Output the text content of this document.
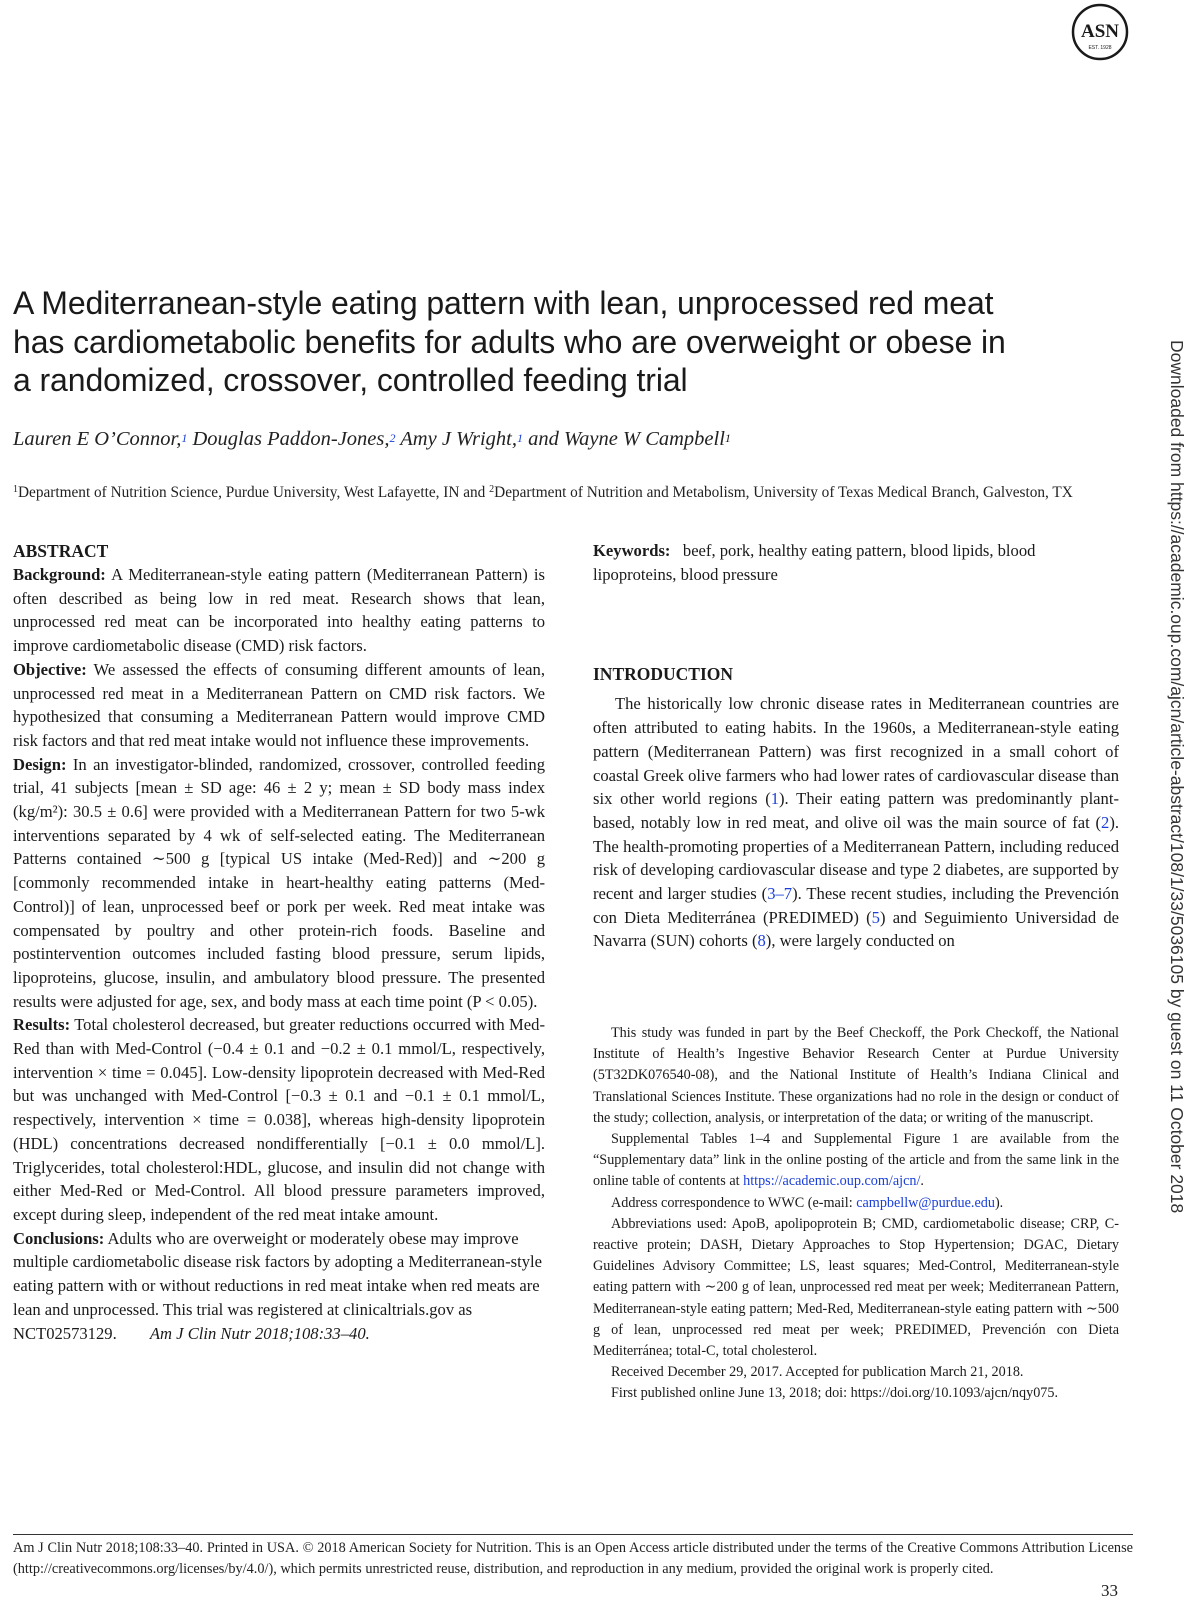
ASN
EST. 1928
A Mediterranean-style eating pattern with lean, unprocessed red meat
has cardiometabolic benefits for adults who are overweight or obese in
a randomized, crossover, controlled feeding trial
Lauren E O’Connor,$^1$ Douglas Paddon-Jones,$^2$ Amy J Wright,$^1$ and Wayne W Campbell$^1$
$^1$Department of Nutrition Science, Purdue University, West Lafayette, IN and $^2$Department of Nutrition and Metabolism, University of Texas Medical Branch, Galveston, TX
ABSTRACT

Background: A Mediterranean-style eating pattern (Mediterranean Pattern) is often described as being low in red meat. Research shows that lean, unprocessed red meat can be incorporated into healthy eating patterns to improve cardiometabolic disease (CMD) risk factors.

Objective: We assessed the effects of consuming different amounts of lean, unprocessed red meat in a Mediterranean Pattern on CMD risk factors. We hypothesized that consuming a Mediterranean Pattern would improve CMD risk factors and that red meat intake would not influence these improvements.

Design: In an investigator-blinded, randomized, crossover, controlled feeding trial, 41 subjects [mean ± SD age: 46 ± 2 y; mean ± SD body mass index (kg/m²): 30.5 ± 0.6] were provided with a Mediterranean Pattern for two 5-wk interventions separated by 4 wk of self-selected eating. The Mediterranean Patterns contained ∼500 g [typical US intake (Med-Red)] and ∼200 g [commonly recommended intake in heart-healthy eating patterns (Med-Control)] of lean, unprocessed beef or pork per week. Red meat intake was compensated by poultry and other protein-rich foods. Baseline and postintervention outcomes included fasting blood pressure, serum lipids, lipoproteins, glucose, insulin, and ambulatory blood pressure. The presented results were adjusted for age, sex, and body mass at each time point (P < 0.05).

Results: Total cholesterol decreased, but greater reductions occurred with Med-Red than with Med-Control (−0.4 ± 0.1 and −0.2 ± 0.1 mmol/L, respectively, intervention × time = 0.045]. Low-density lipoprotein decreased with Med-Red but was unchanged with Med-Control [−0.3 ± 0.1 and −0.1 ± 0.1 mmol/L, respectively, intervention × time = 0.038], whereas high-density lipoprotein (HDL) concentrations decreased nondifferentially [−0.1 ± 0.0 mmol/L]. Triglycerides, total cholesterol:HDL, glucose, and insulin did not change with either Med-Red or Med-Control. All blood pressure parameters improved, except during sleep, independent of the red meat intake amount.

Conclusions: Adults who are overweight or moderately obese may improve multiple cardiometabolic disease risk factors by adopting a Mediterranean-style eating pattern with or without reductions in red meat intake when red meats are lean and unprocessed. This trial was registered at clinicaltrials.gov as NCT02573129. Am J Clin Nutr 2018;108:33–40.

Keywords: beef, pork, healthy eating pattern, blood lipids, blood lipoproteins, blood pressure

INTRODUCTION

The historically low chronic disease rates in Mediterranean countries are often attributed to eating habits. In the 1960s, a Mediterranean-style eating pattern (Mediterranean Pattern) was first recognized in a small cohort of coastal Greek olive farmers who had lower rates of cardiovascular disease than six other world regions (1). Their eating pattern was predominantly plant-based, notably low in red meat, and olive oil was the main source of fat (2). The health-promoting properties of a Mediterranean Pattern, including reduced risk of developing cardiovascular disease and type 2 diabetes, are supported by recent and larger studies (3–7). These recent studies, including the Prevención con Dieta Mediterránea (PREDIMED) (5) and Seguimiento Universidad de Navarra (SUN) cohorts (8), were largely conducted on

This study was funded in part by the Beef Checkoff, the Pork Checkoff, the National Institute of Health’s Ingestive Behavior Research Center at Purdue University (5T32DK076540-08), and the National Institute of Health’s Indiana Clinical and Translational Sciences Institute. These organizations had no role in the design or conduct of the study; collection, analysis, or interpretation of the data; or writing of the manuscript.

Supplemental Tables 1–4 and Supplemental Figure 1 are available from the “Supplementary data” link in the online posting of the article and from the same link in the online table of contents at https://academic.oup.com/ajcn/.

Address correspondence to WWC (e-mail: campbellw@purdue.edu).

Abbreviations used: ApoB, apolipoprotein B; CMD, cardiometabolic disease; CRP, C-reactive protein; DASH, Dietary Approaches to Stop Hypertension; DGAC, Dietary Guidelines Advisory Committee; LS, least squares; Med-Control, Mediterranean-style eating pattern with ∼200 g of lean, unprocessed red meat per week; Mediterranean Pattern, Mediterranean-style eating pattern; Med-Red, Mediterranean-style eating pattern with ∼500 g of lean, unprocessed red meat per week; PREDIMED, Prevención con Dieta Mediterránea; total-C, total cholesterol.

Received December 29, 2017. Accepted for publication March 21, 2018.

First published online June 13, 2018; doi: https://doi.org/10.1093/ajcn/nqy075.

Am J Clin Nutr 2018;108:33–40. Printed in USA. © 2018 American Society for Nutrition. This is an Open Access article distributed under the terms of the Creative Commons Attribution License (http://creativecommons.org/licenses/by/4.0/), which permits unrestricted reuse, distribution, and reproduction in any medium, provided the original work is properly cited.
33
Downloaded from https://academic.oup.com/ajcn/article-abstract/108/1/33/5036105 by guest on 11 October 2018
